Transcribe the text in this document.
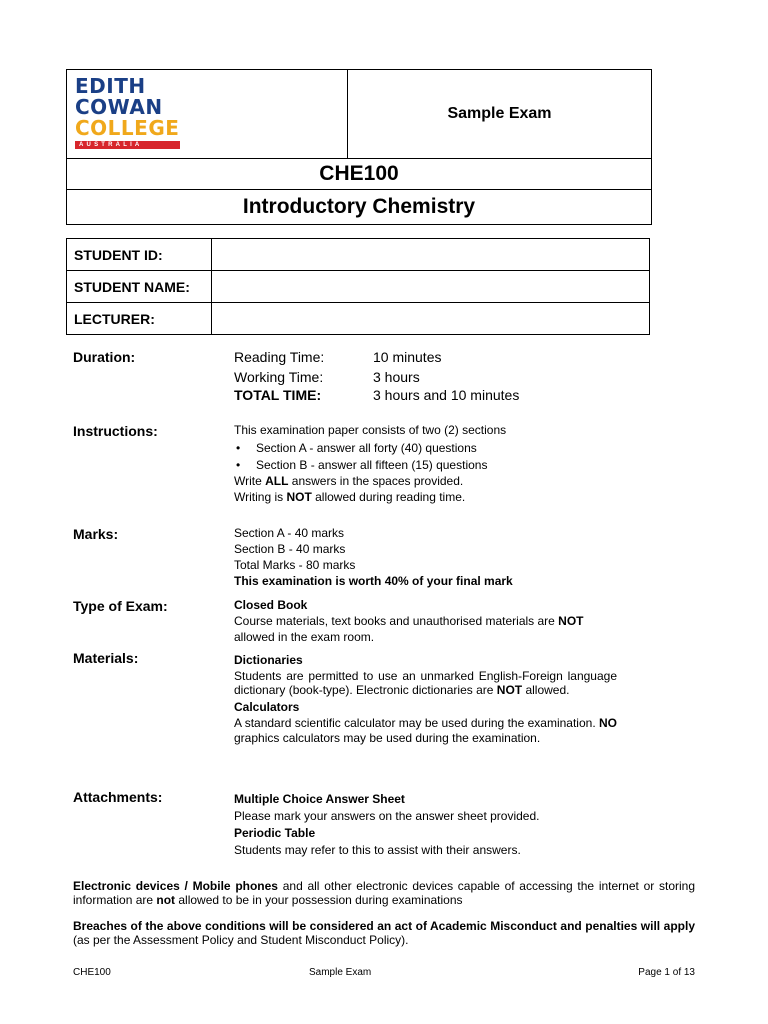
EDITH
COWAN
COLLEGE
AUSTRALIA
Sample Exam
CHE100
Introductory Chemistry
STUDENT ID:	
STUDENT NAME:	
LECTURER:	
Duration:	Reading Time:	10 minutes
Working Time:	3 hours
TOTAL TIME:	3 hours and 10 minutes
Instructions:	This examination paper consists of two (2) sections
• Section A - answer all forty (40) questions
• Section B - answer all fifteen (15) questions
Write ALL answers in the spaces provided.
Writing is NOT allowed during reading time.
Marks:	Section A - 40 marks
Section B - 40 marks
Total Marks - 80 marks
This examination is worth 40% of your final mark
Type of Exam:	Closed Book
Course materials, text books and unauthorised materials are NOT allowed in the exam room.
Materials:	Dictionaries
Students are permitted to use an unmarked English-Foreign language dictionary (book-type). Electronic dictionaries are NOT allowed.
Calculators
A standard scientific calculator may be used during the examination. NO graphics calculators may be used during the examination.
Attachments:	Multiple Choice Answer Sheet
Please mark your answers on the answer sheet provided.
Periodic Table
Students may refer to this to assist with their answers.
Electronic devices / Mobile phones and all other electronic devices capable of accessing the internet or storing information are not allowed to be in your possession during examinations
Breaches of the above conditions will be considered an act of Academic Misconduct and penalties will apply (as per the Assessment Policy and Student Misconduct Policy).
CHE100	Sample Exam	Page 1 of 13
